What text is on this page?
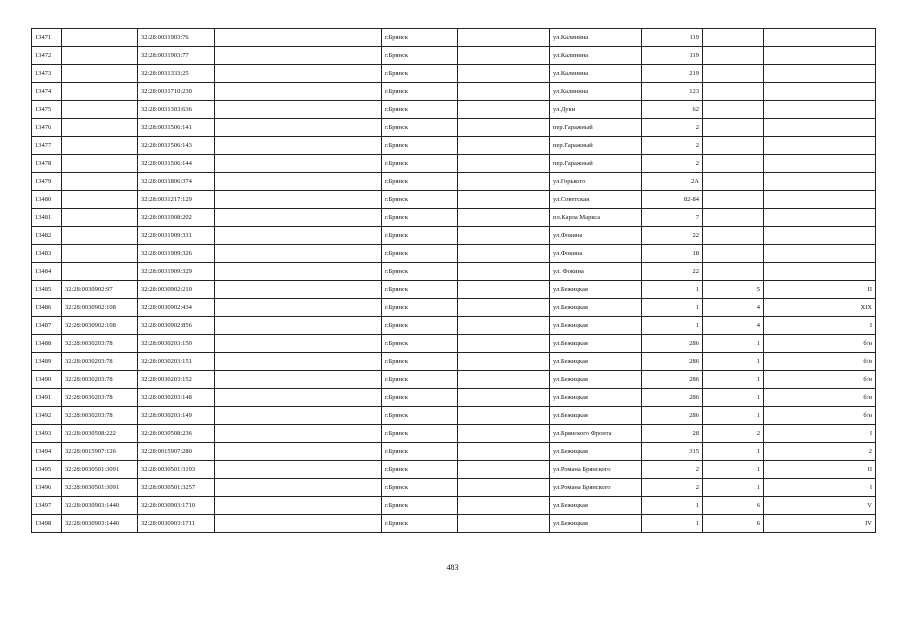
13471		32:28:0031903:76		г.Брянск		ул.Калинина	119		
13472		32:28:0031903:77		г.Брянск		ул.Калинина	119		
13473		32:28:0031333:25		г.Брянск		ул.Калинина	219		
13474		32:28:0031710:230		г.Брянск		ул.Калинина	123		
13475		32:28:0031303:636		г.Брянск		ул.Дуки	62		
13476		32:28:0031506:141		г.Брянск		пер.Гаражный	2		
13477		32:28:0031506:143		г.Брянск		пер.Гаражный	2		
13478		32:28:0031506:144		г.Брянск		пер.Гаражный	2		
13479		32:28:0031806:374		г.Брянск		ул.Горького	2А		
13480		32:28:0031217:129		г.Брянск		ул.Советская	82-84		
13481		32:28:0031908:202		г.Брянск		пл.Карла Маркса	7		
13482		32:28:0031909:331		г.Брянск		ул.Фокина	22		
13483		32:28:0031909:326		г.Брянск		ул.Фокина	18		
13484		32:28:0031909:329		г.Брянск		ул. Фокина	22		
13485	32:28:0030902:97	32:28:0030902:210		г.Брянск		ул.Бежицкая	1	5	II
13486	32:28:0030902:108	32:28:0030902:434		г.Брянск		ул.Бежицкая	1	4	XIX
13487	32:28:0030902:108	32:28:0030902:856		г.Брянск		ул.Бежицкая	1	4	I
13488	32:28:0030203:78	32:28:0030203:150		г.Брянск		ул.Бежицкая	286	1	б/н
13489	32:28:0030203:78	32:28:0030203:151		г.Брянск		ул.Бежицкая	286	1	б/н
13490	32:28:0030203:78	32:28:0030203:152		г.Брянск		ул.Бежицкая	286	1	б/н
13491	32:28:0030203:78	32:28:0030203:148		г.Брянск		ул.Бежицкая	286	1	б/н
13492	32:28:0030203:78	32:28:0030203:149		г.Брянск		ул.Бежицкая	286	1	б/н
13493	32:28:0030508:222	32:28:0030508:236		г.Брянск		ул.Брянского Фронта	28	2	I
13494	32:28:0015907:126	32:28:0015907:280		г.Брянск		ул.Бежицкая	315	1	2
13495	32:28:0030501:3091	32:28:0030501:3193		г.Брянск		ул.Романа Брянского	2	1	II
13496	32:28:0030501:3091	32:28:0030501:3257		г.Брянск		ул.Романа Брянского	2	1	I
13497	32:28:0030903:1440	32:28:0030903:1710		г.Брянск		ул.Бежицкая	1	6	V
13498	32:28:0030903:1440	32:28:0030903:1711		г.Брянск		ул.Бежицкая	1	6	IV
483
